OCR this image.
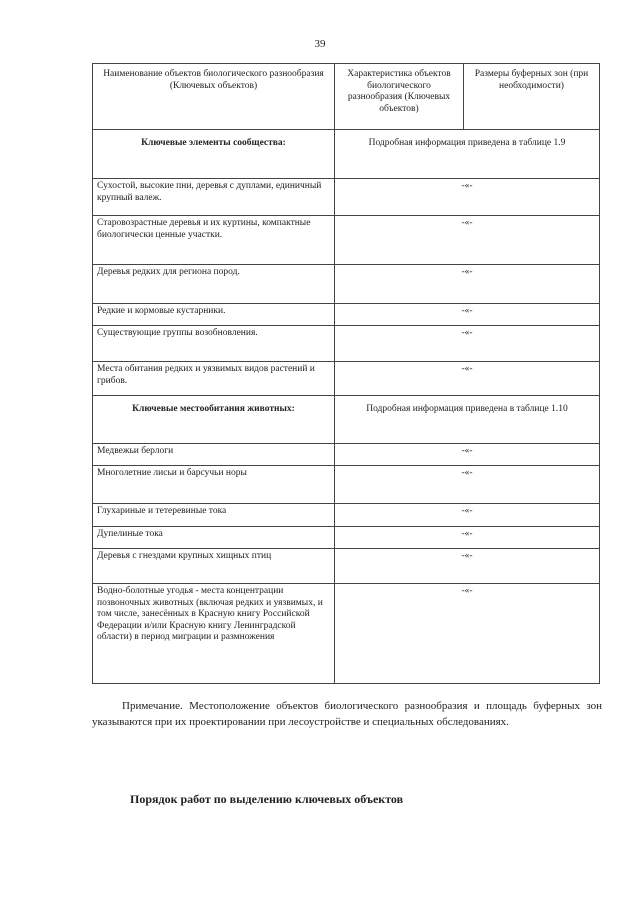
39
Наименование объектов биологического разнообразия (Ключевых объектов)	Характеристика объектов биологического разнообразия (Ключевых объектов)	Размеры буферных зон (при необходимости)
Ключевые элементы сообщества:	Подробная информация приведена в таблице 1.9	
Сухостой, высокие пни, деревья с дуплами, единичный крупный валеж.	-«-	
Старовозрастные деревья и их куртины, компактные биологически ценные участки.	-«-	
Деревья редких для региона пород.	-«-	
Редкие и кормовые кустарники.	-«-	
Существующие группы возобновления.	-«-	
Места обитания редких и уязвимых видов растений и грибов.	-«-	
Ключевые местообитания животных:	Подробная информация приведена в таблице 1.10	
Медвежьи берлоги	-«-	
Многолетние лисьи и барсучьи норы	-«-	
Глухариные и тетеревиные тока	-«-	
Дупелиные тока	-«-	
Деревья с гнездами крупных хищных птиц	-«-	
Водно-болотные угодья - места концентрации позвоночных животных (включая редких и уязвимых, и том числе, занесённых в Красную книгу Российской Федерации и/или Красную книгу Ленинградской области) в период миграции и размножения	-«-	
Примечание. Местоположение объектов биологического разнообразия и площадь буферных зон указываются при их проектировании при лесоустройстве и специальных обследованиях.
Порядок работ по выделению ключевых объектов
